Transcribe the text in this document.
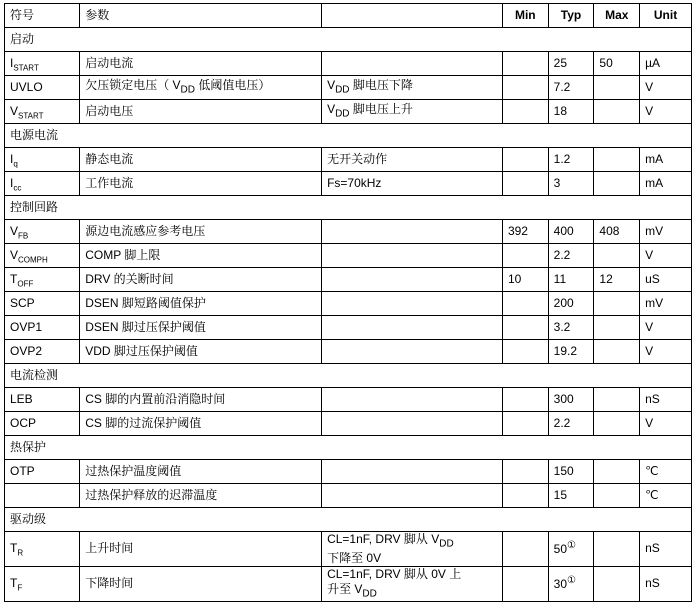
符号	参数		Min	Typ	Max	Unit
启动						
$I_{START}$	启动电流			25	50	µA
UVLO	欠压锁定电压（ $V_{DD}$ 低阈值电压）	$V_{DD}$ 脚电压下降		7.2		V
$V_{START}$	启动电压	$V_{DD}$ 脚电压上升		18		V
电源电流						
$I_q$	静态电流	无开关动作		1.2		mA
$I_{cc}$	工作电流	Fs=70kHz		3		mA
控制回路						
$V_{FB}$	源边电流感应参考电压		392	400	408	mV
$V_{COMPH}$	COMP 脚上限			2.2		V
$T_{OFF}$	DRV 的关断时间		10	11	12	uS
SCP	DSEN 脚短路阈值保护			200		mV
OVP1	DSEN 脚过压保护阈值			3.2		V
OVP2	VDD 脚过压保护阈值			19.2		V
电流检测						
LEB	CS 脚的内置前沿消隐时间			300		nS
OCP	CS 脚的过流保护阈值			2.2		V
热保护						
OTP	过热保护温度阈值			150		℃
	过热保护释放的迟滞温度			15		℃
驱动级						
$T_R$	上升时间	CL=1nF, DRV 脚从 $V_{DD}$
下降至 0V		50①		nS
$T_F$	下降时间	CL=1nF, DRV 脚从 0V 上
升至 $V_{DD}$		30①		nS
